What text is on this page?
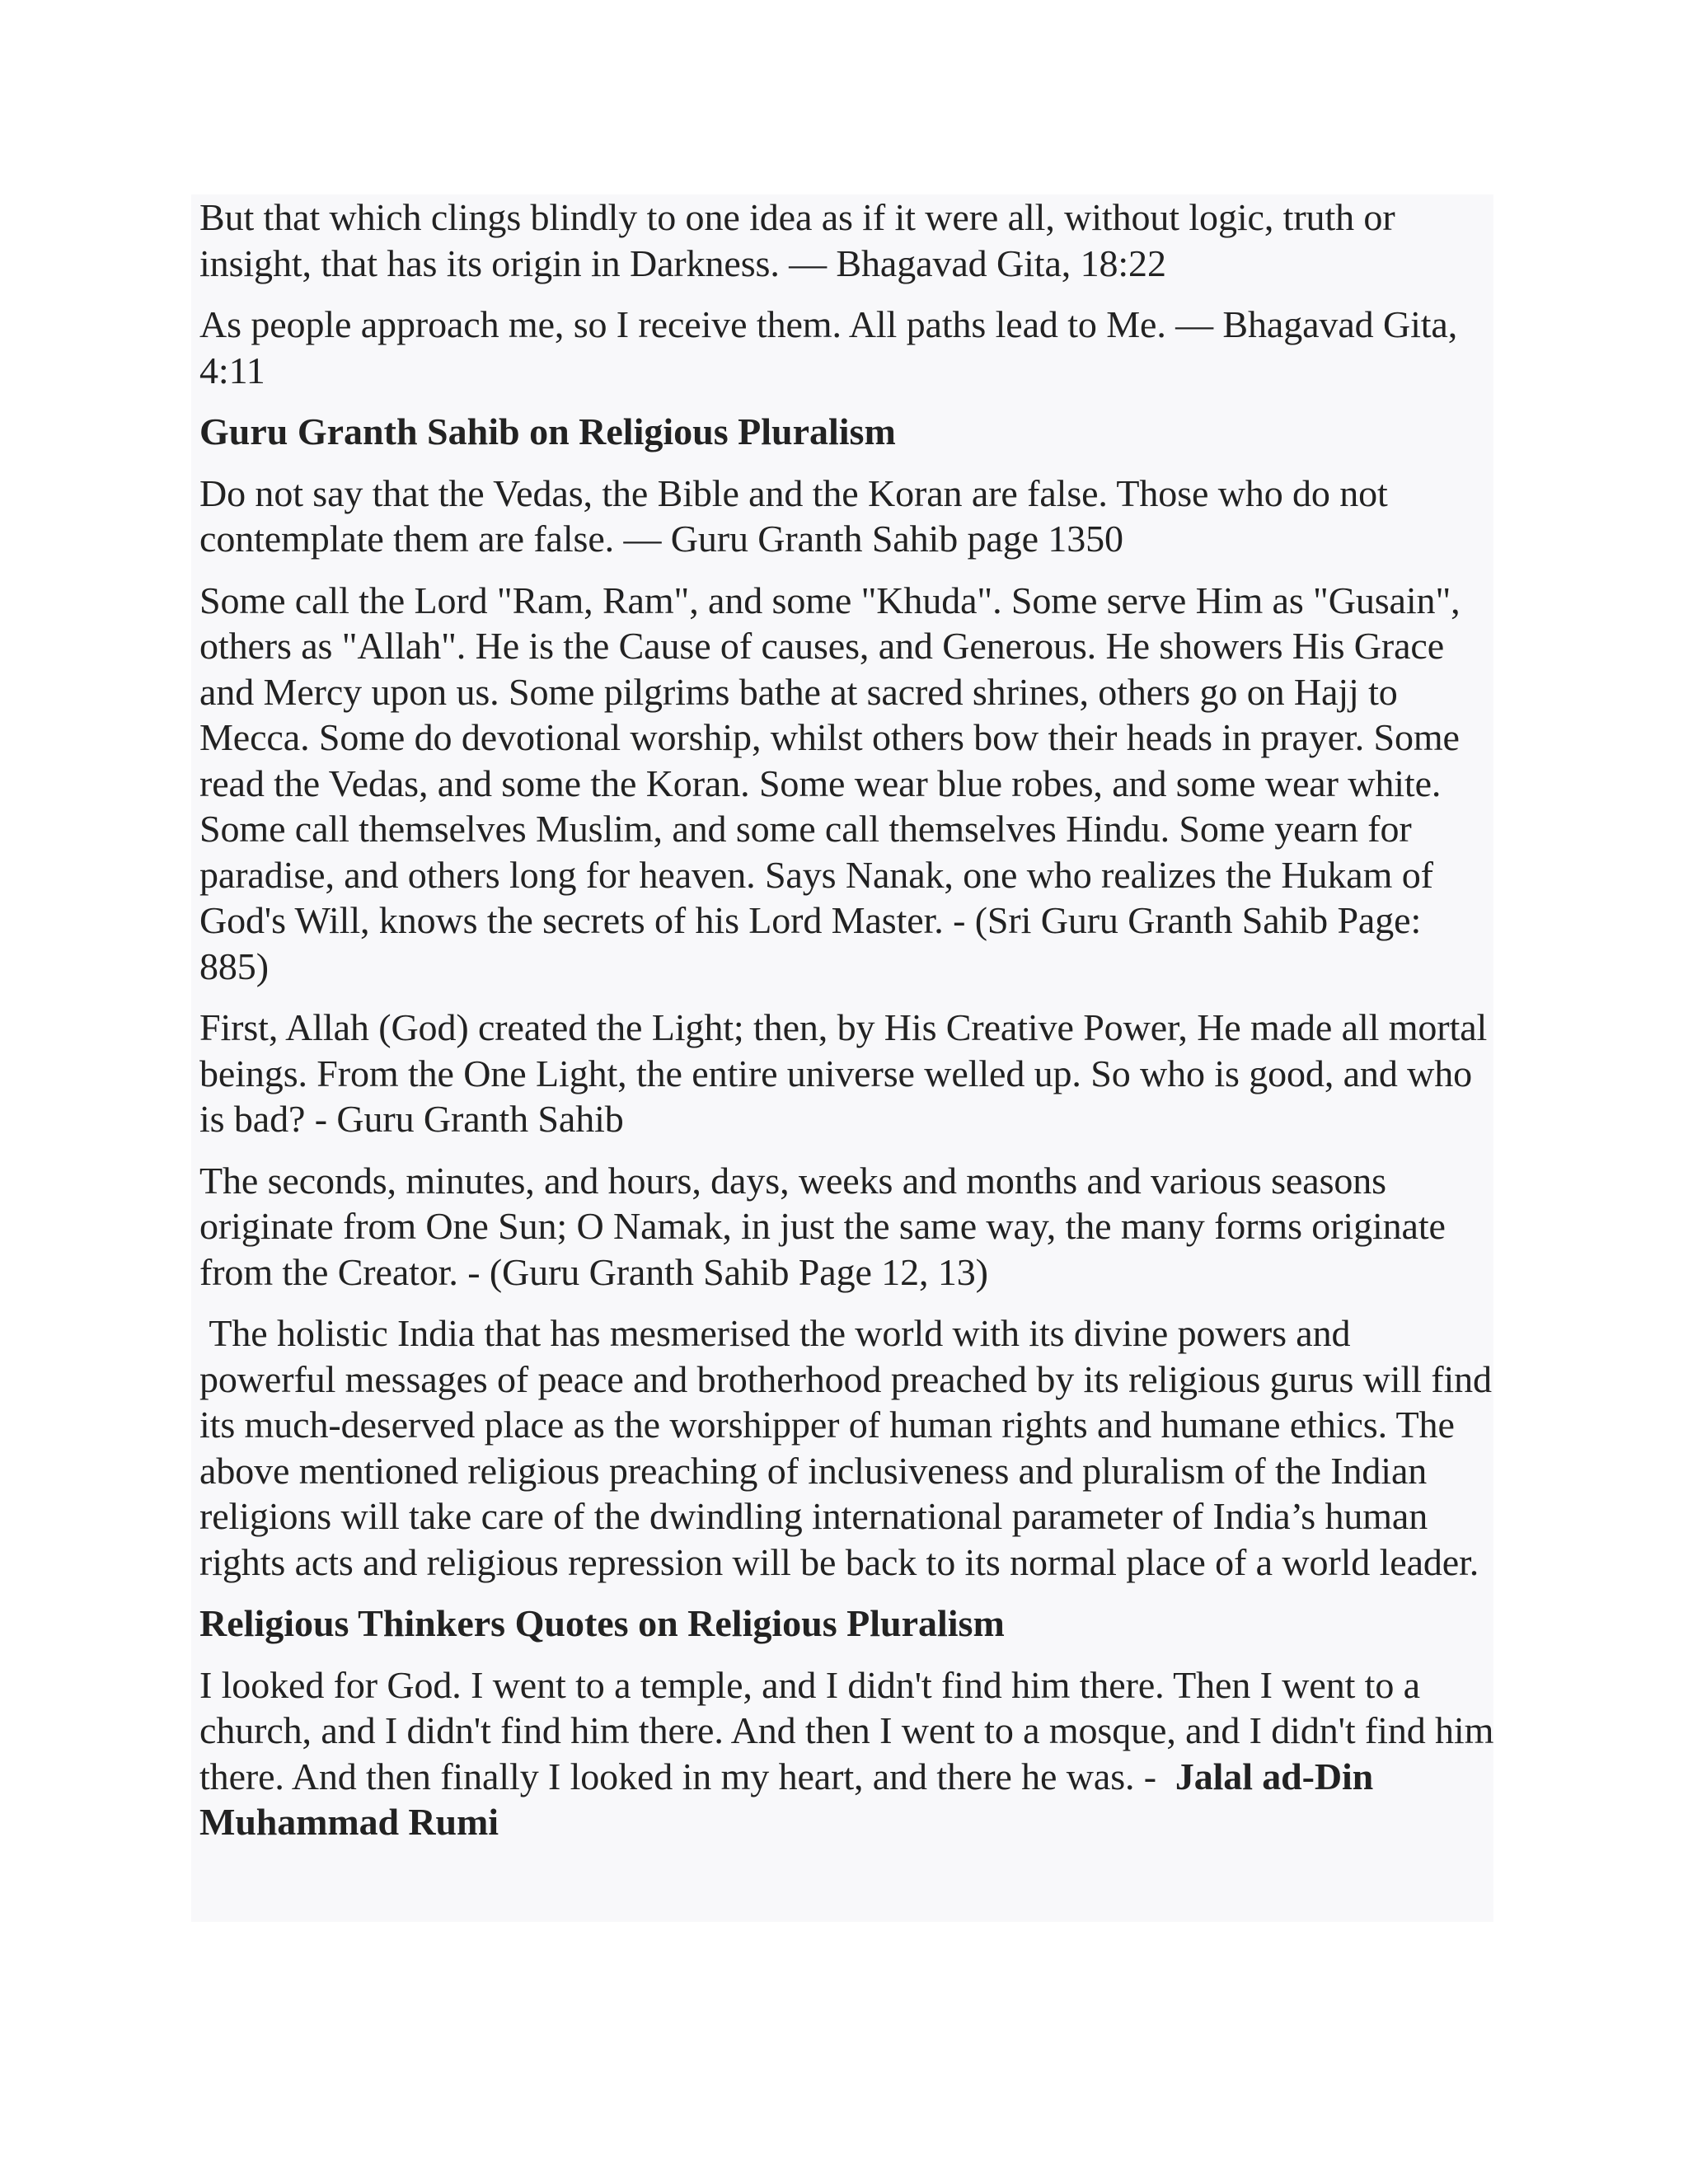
But that which clings blindly to one idea as if it were all, without logic, truth or insight, that has its origin in Darkness. — Bhagavad Gita, 18:22

As people approach me, so I receive them. All paths lead to Me. — Bhagavad Gita, 4:11

Guru Granth Sahib on Religious Pluralism

Do not say that the Vedas, the Bible and the Koran are false. Those who do not contemplate them are false. — Guru Granth Sahib page 1350

Some call the Lord "Ram, Ram", and some "Khuda". Some serve Him as "Gusain", others as "Allah". He is the Cause of causes, and Generous. He showers His Grace and Mercy upon us. Some pilgrims bathe at sacred shrines, others go on Hajj to Mecca. Some do devotional worship, whilst others bow their heads in prayer. Some read the Vedas, and some the Koran. Some wear blue robes, and some wear white. Some call themselves Muslim, and some call themselves Hindu. Some yearn for paradise, and others long for heaven. Says Nanak, one who realizes the Hukam of God's Will, knows the secrets of his Lord Master. - (Sri Guru Granth Sahib Page: 885)

First, Allah (God) created the Light; then, by His Creative Power, He made all mortal beings. From the One Light, the entire universe welled up. So who is good, and who is bad? - Guru Granth Sahib

The seconds, minutes, and hours, days, weeks and months and various seasons originate from One Sun; O Namak, in just the same way, the many forms originate from the Creator. - (Guru Granth Sahib Page 12, 13)

The holistic India that has mesmerised the world with its divine powers and powerful messages of peace and brotherhood preached by its religious gurus will find its much-deserved place as the worshipper of human rights and humane ethics. The above mentioned religious preaching of inclusiveness and pluralism of the Indian religions will take care of the dwindling international parameter of India’s human rights acts and religious repression will be back to its normal place of a world leader.

Religious Thinkers Quotes on Religious Pluralism

I looked for God. I went to a temple, and I didn't find him there. Then I went to a church, and I didn't find him there. And then I went to a mosque, and I didn't find him there. And then finally I looked in my heart, and there he was. -  Jalal ad-Din Muhammad Rumi
